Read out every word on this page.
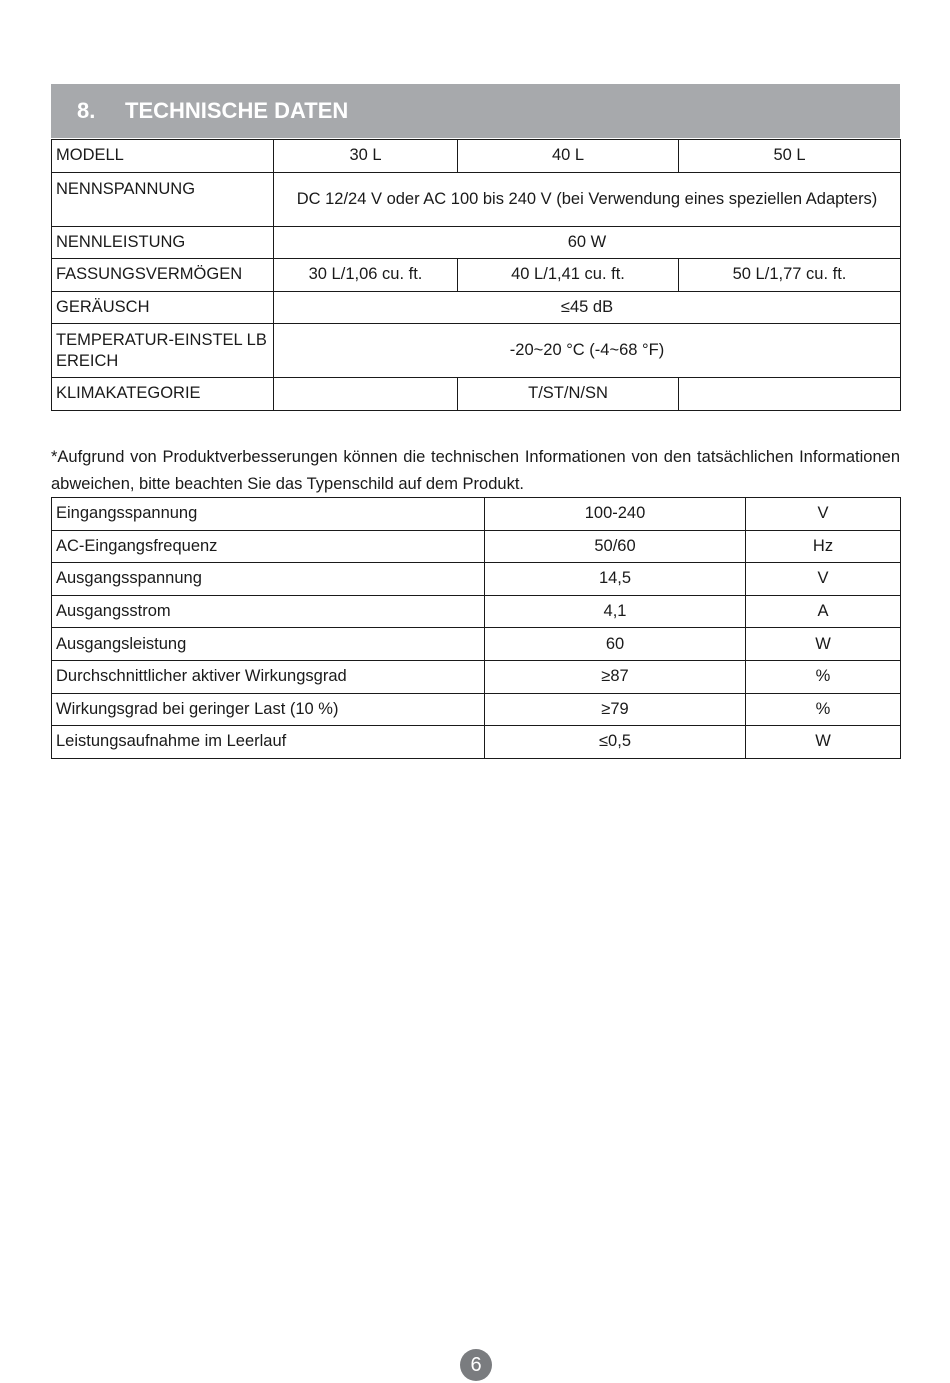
8.	TECHNISCHE DATEN
MODELL	30 L	40 L	50 L
NENNSPANNUNG	DC 12/24 V oder AC 100 bis 240 V (bei Verwendung eines speziellen Adapters)		
NENNLEISTUNG	60 W		
FASSUNGSVERMÖGEN	30 L/1,06 cu. ft.	40 L/1,41 cu. ft.	50 L/1,77 cu. ft.
GERÄUSCH	≤45 dB		
TEMPERATUR-EINSTEL LBEREICH	-20~20 °C (-4~68 °F)		
KLIMAKATEGORIE		T/ST/N/SN	

*Aufgrund von Produktverbesserungen können die technischen Informationen von den tatsächlichen Informationen abweichen, bitte beachten Sie das Typenschild auf dem Produkt.

Eingangsspannung	100-240	V
AC-Eingangsfrequenz	50/60	Hz
Ausgangsspannung	14,5	V
Ausgangsstrom	4,1	A
Ausgangsleistung	60	W
Durchschnittlicher aktiver Wirkungsgrad	≥87	%
Wirkungsgrad bei geringer Last (10 %)	≥79	%
Leistungsaufnahme im Leerlauf	≤0,5	W
6
